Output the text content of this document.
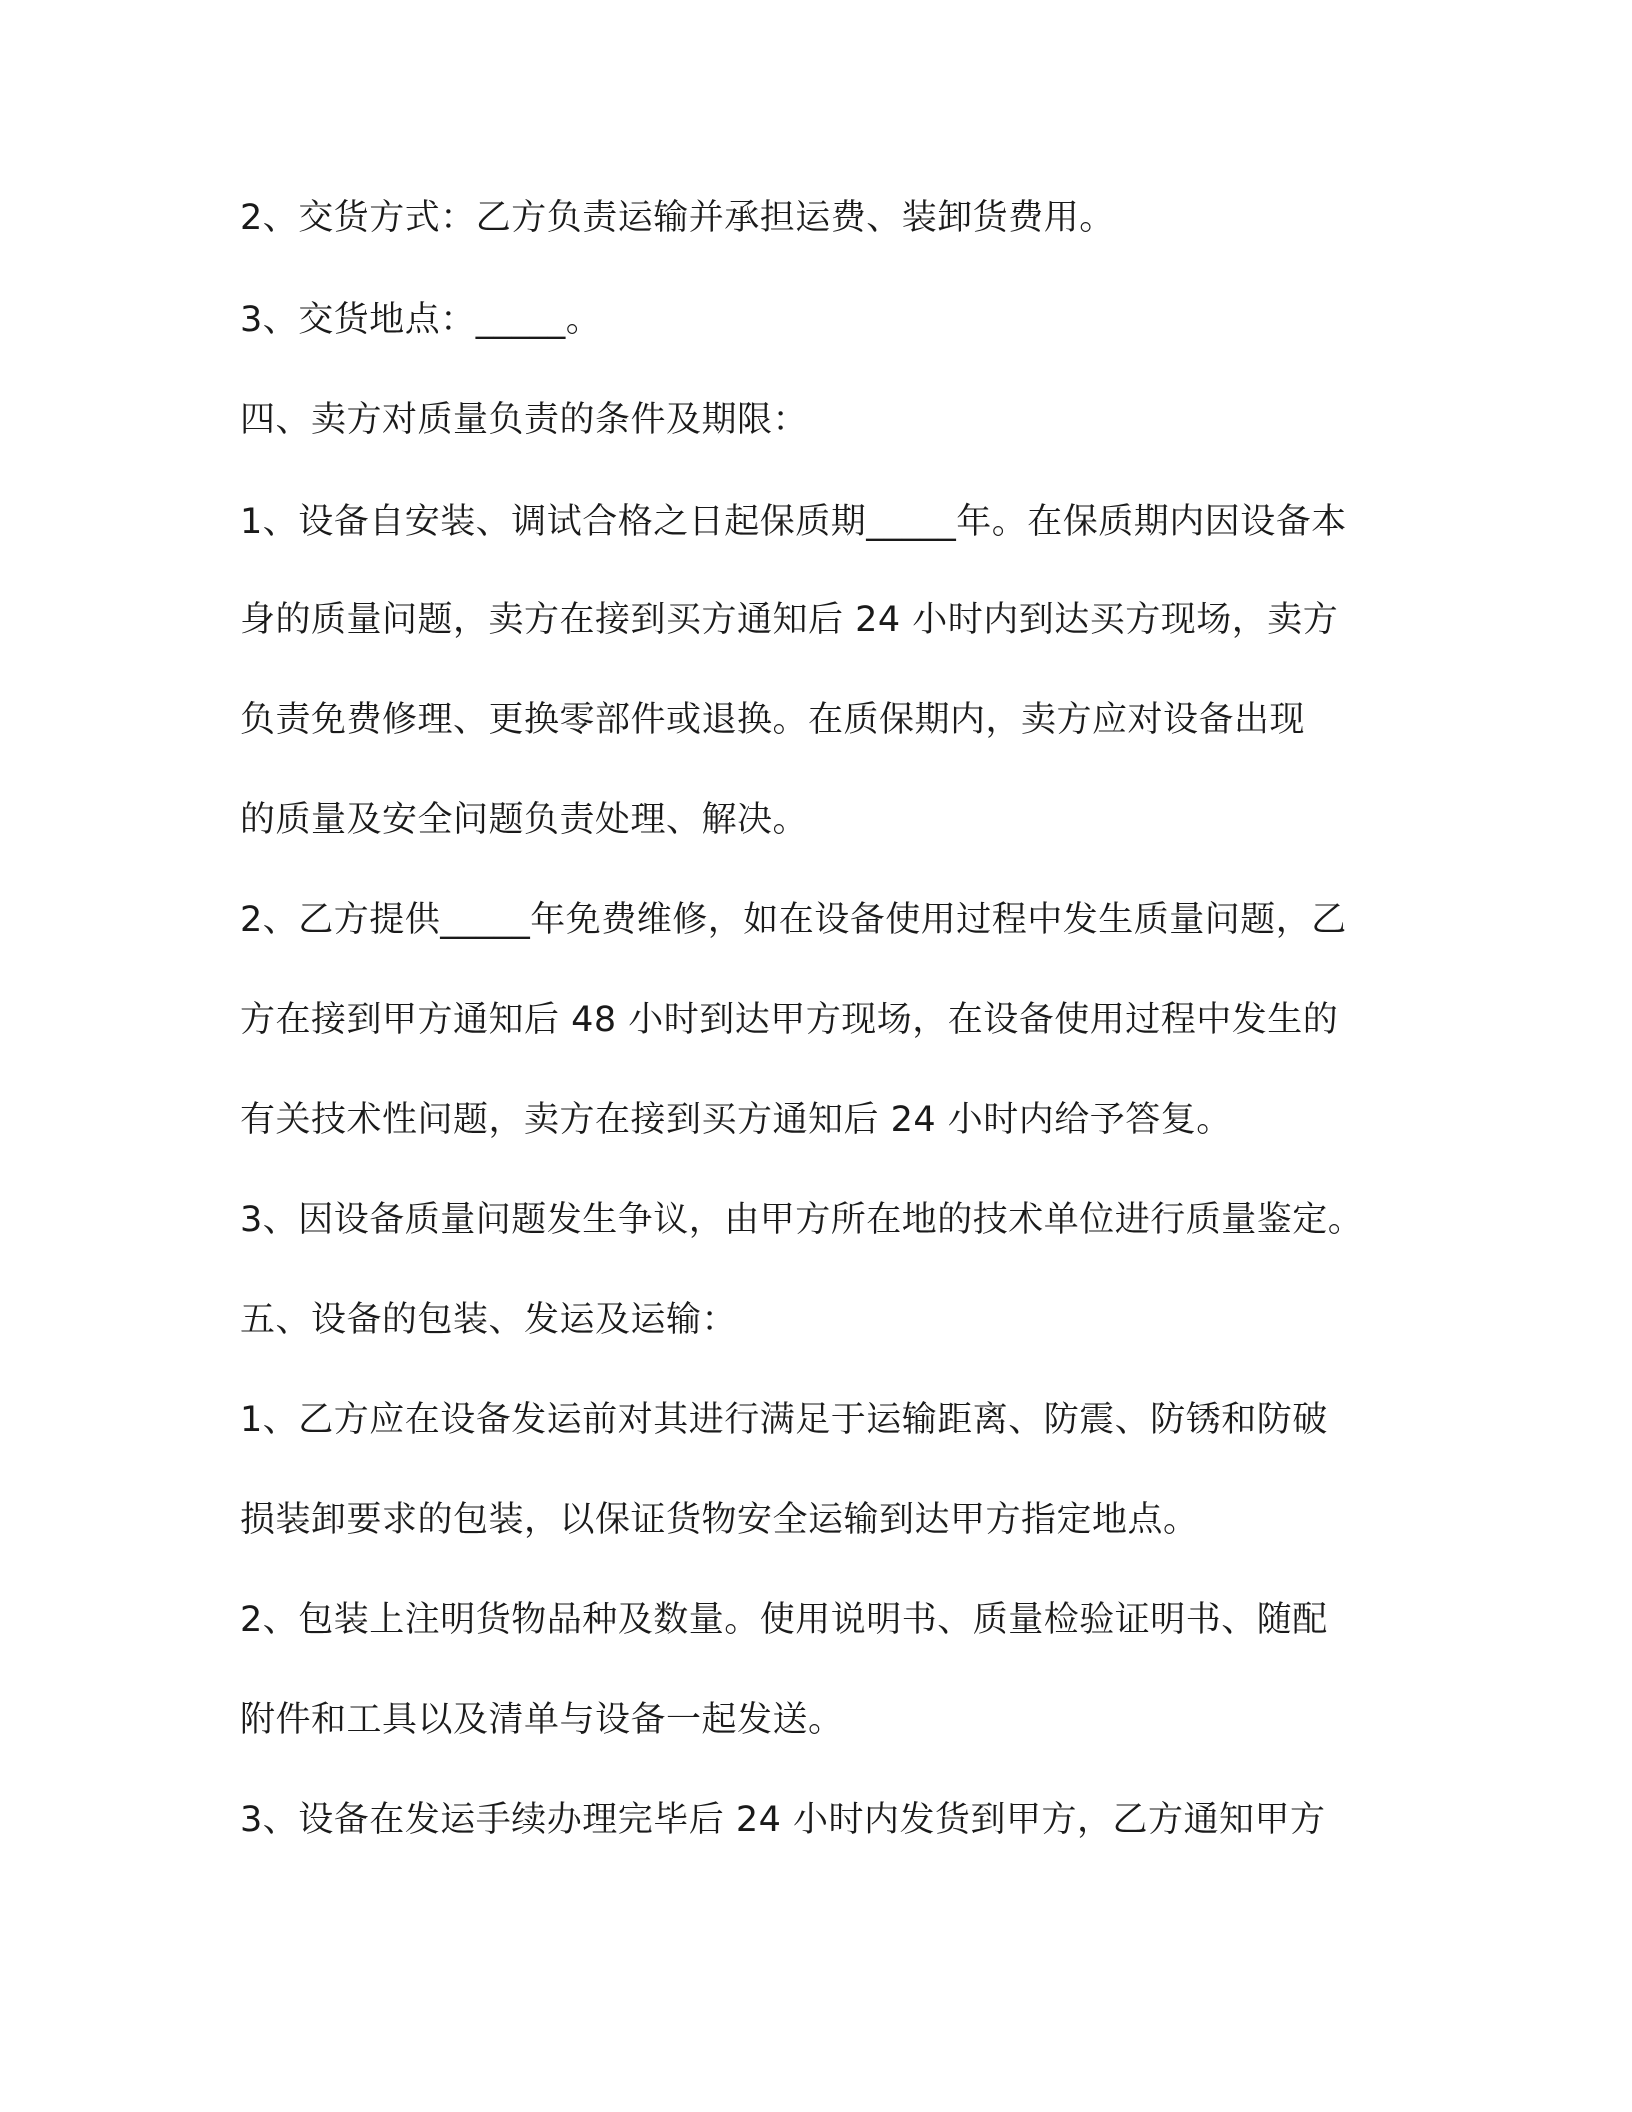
2、交货方式：乙方负责运输并承担运费、装卸货费用。
3、交货地点：_____。
四、卖方对质量负责的条件及期限：
1、设备自安装、调试合格之日起保质期_____年。在保质期内因设备本
身的质量问题，卖方在接到买方通知后 24 小时内到达买方现场，卖方
负责免费修理、更换零部件或退换。在质保期内，卖方应对设备出现
的质量及安全问题负责处理、解决。
2、乙方提供_____年免费维修，如在设备使用过程中发生质量问题，乙
方在接到甲方通知后 48 小时到达甲方现场，在设备使用过程中发生的
有关技术性问题，卖方在接到买方通知后 24 小时内给予答复。
3、因设备质量问题发生争议，由甲方所在地的技术单位进行质量鉴定。
五、设备的包装、发运及运输：
1、乙方应在设备发运前对其进行满足于运输距离、防震、防锈和防破
损装卸要求的包装，以保证货物安全运输到达甲方指定地点。
2、包装上注明货物品种及数量。使用说明书、质量检验证明书、随配
附件和工具以及清单与设备一起发送。
3、设备在发运手续办理完毕后 24 小时内发货到甲方，乙方通知甲方
